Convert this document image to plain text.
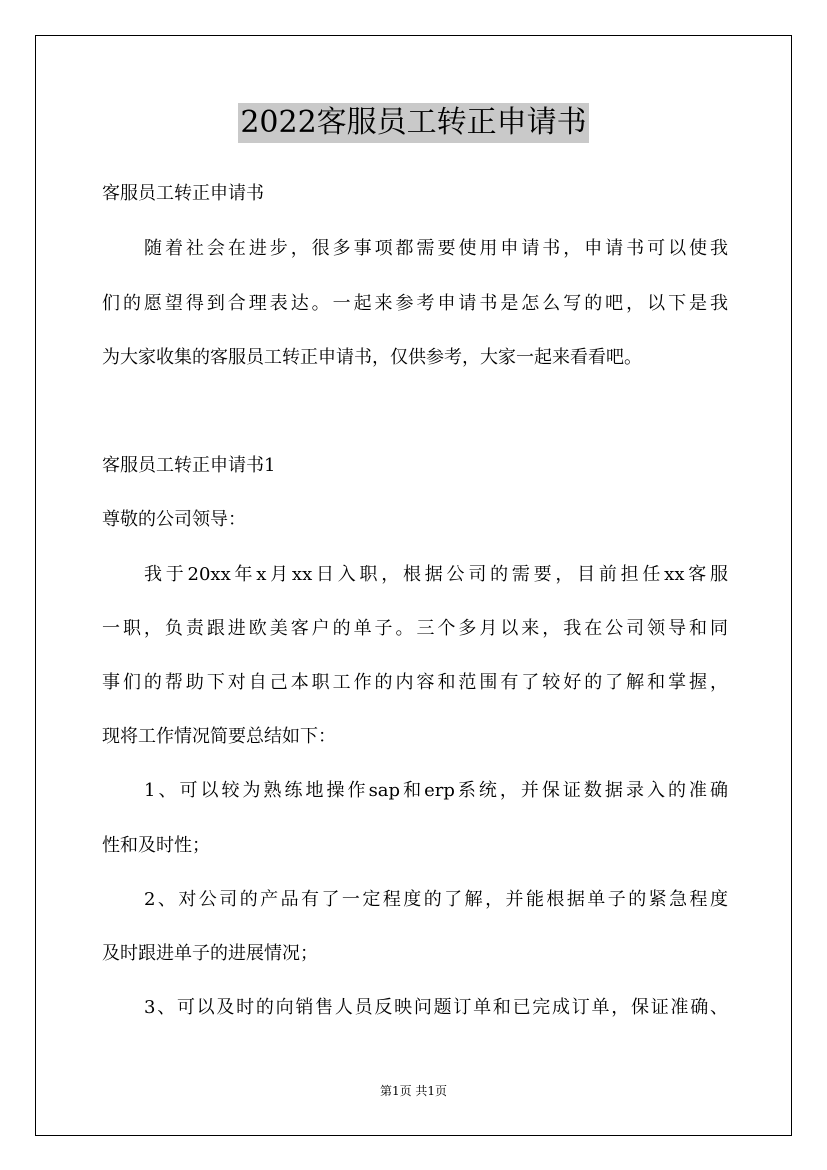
2022客服员工转正申请书
客服员工转正申请书
随着社会在进步，很多事项都需要使用申请书，申请书可以使我
们的愿望得到合理表达。一起来参考申请书是怎么写的吧，以下是我
为大家收集的客服员工转正申请书，仅供参考，大家一起来看看吧。
客服员工转正申请书1
尊敬的公司领导：
我于20xx年x月xx日入职，根据公司的需要，目前担任xx客服
一职，负责跟进欧美客户的单子。三个多月以来，我在公司领导和同
事们的帮助下对自己本职工作的内容和范围有了较好的了解和掌握，
现将工作情况简要总结如下：
1、可以较为熟练地操作sap和erp系统，并保证数据录入的准确
性和及时性；
2、对公司的产品有了一定程度的了解，并能根据单子的紧急程度
及时跟进单子的进展情况；
3、可以及时的向销售人员反映问题订单和已完成订单，保证准确、
第1页 共1页
